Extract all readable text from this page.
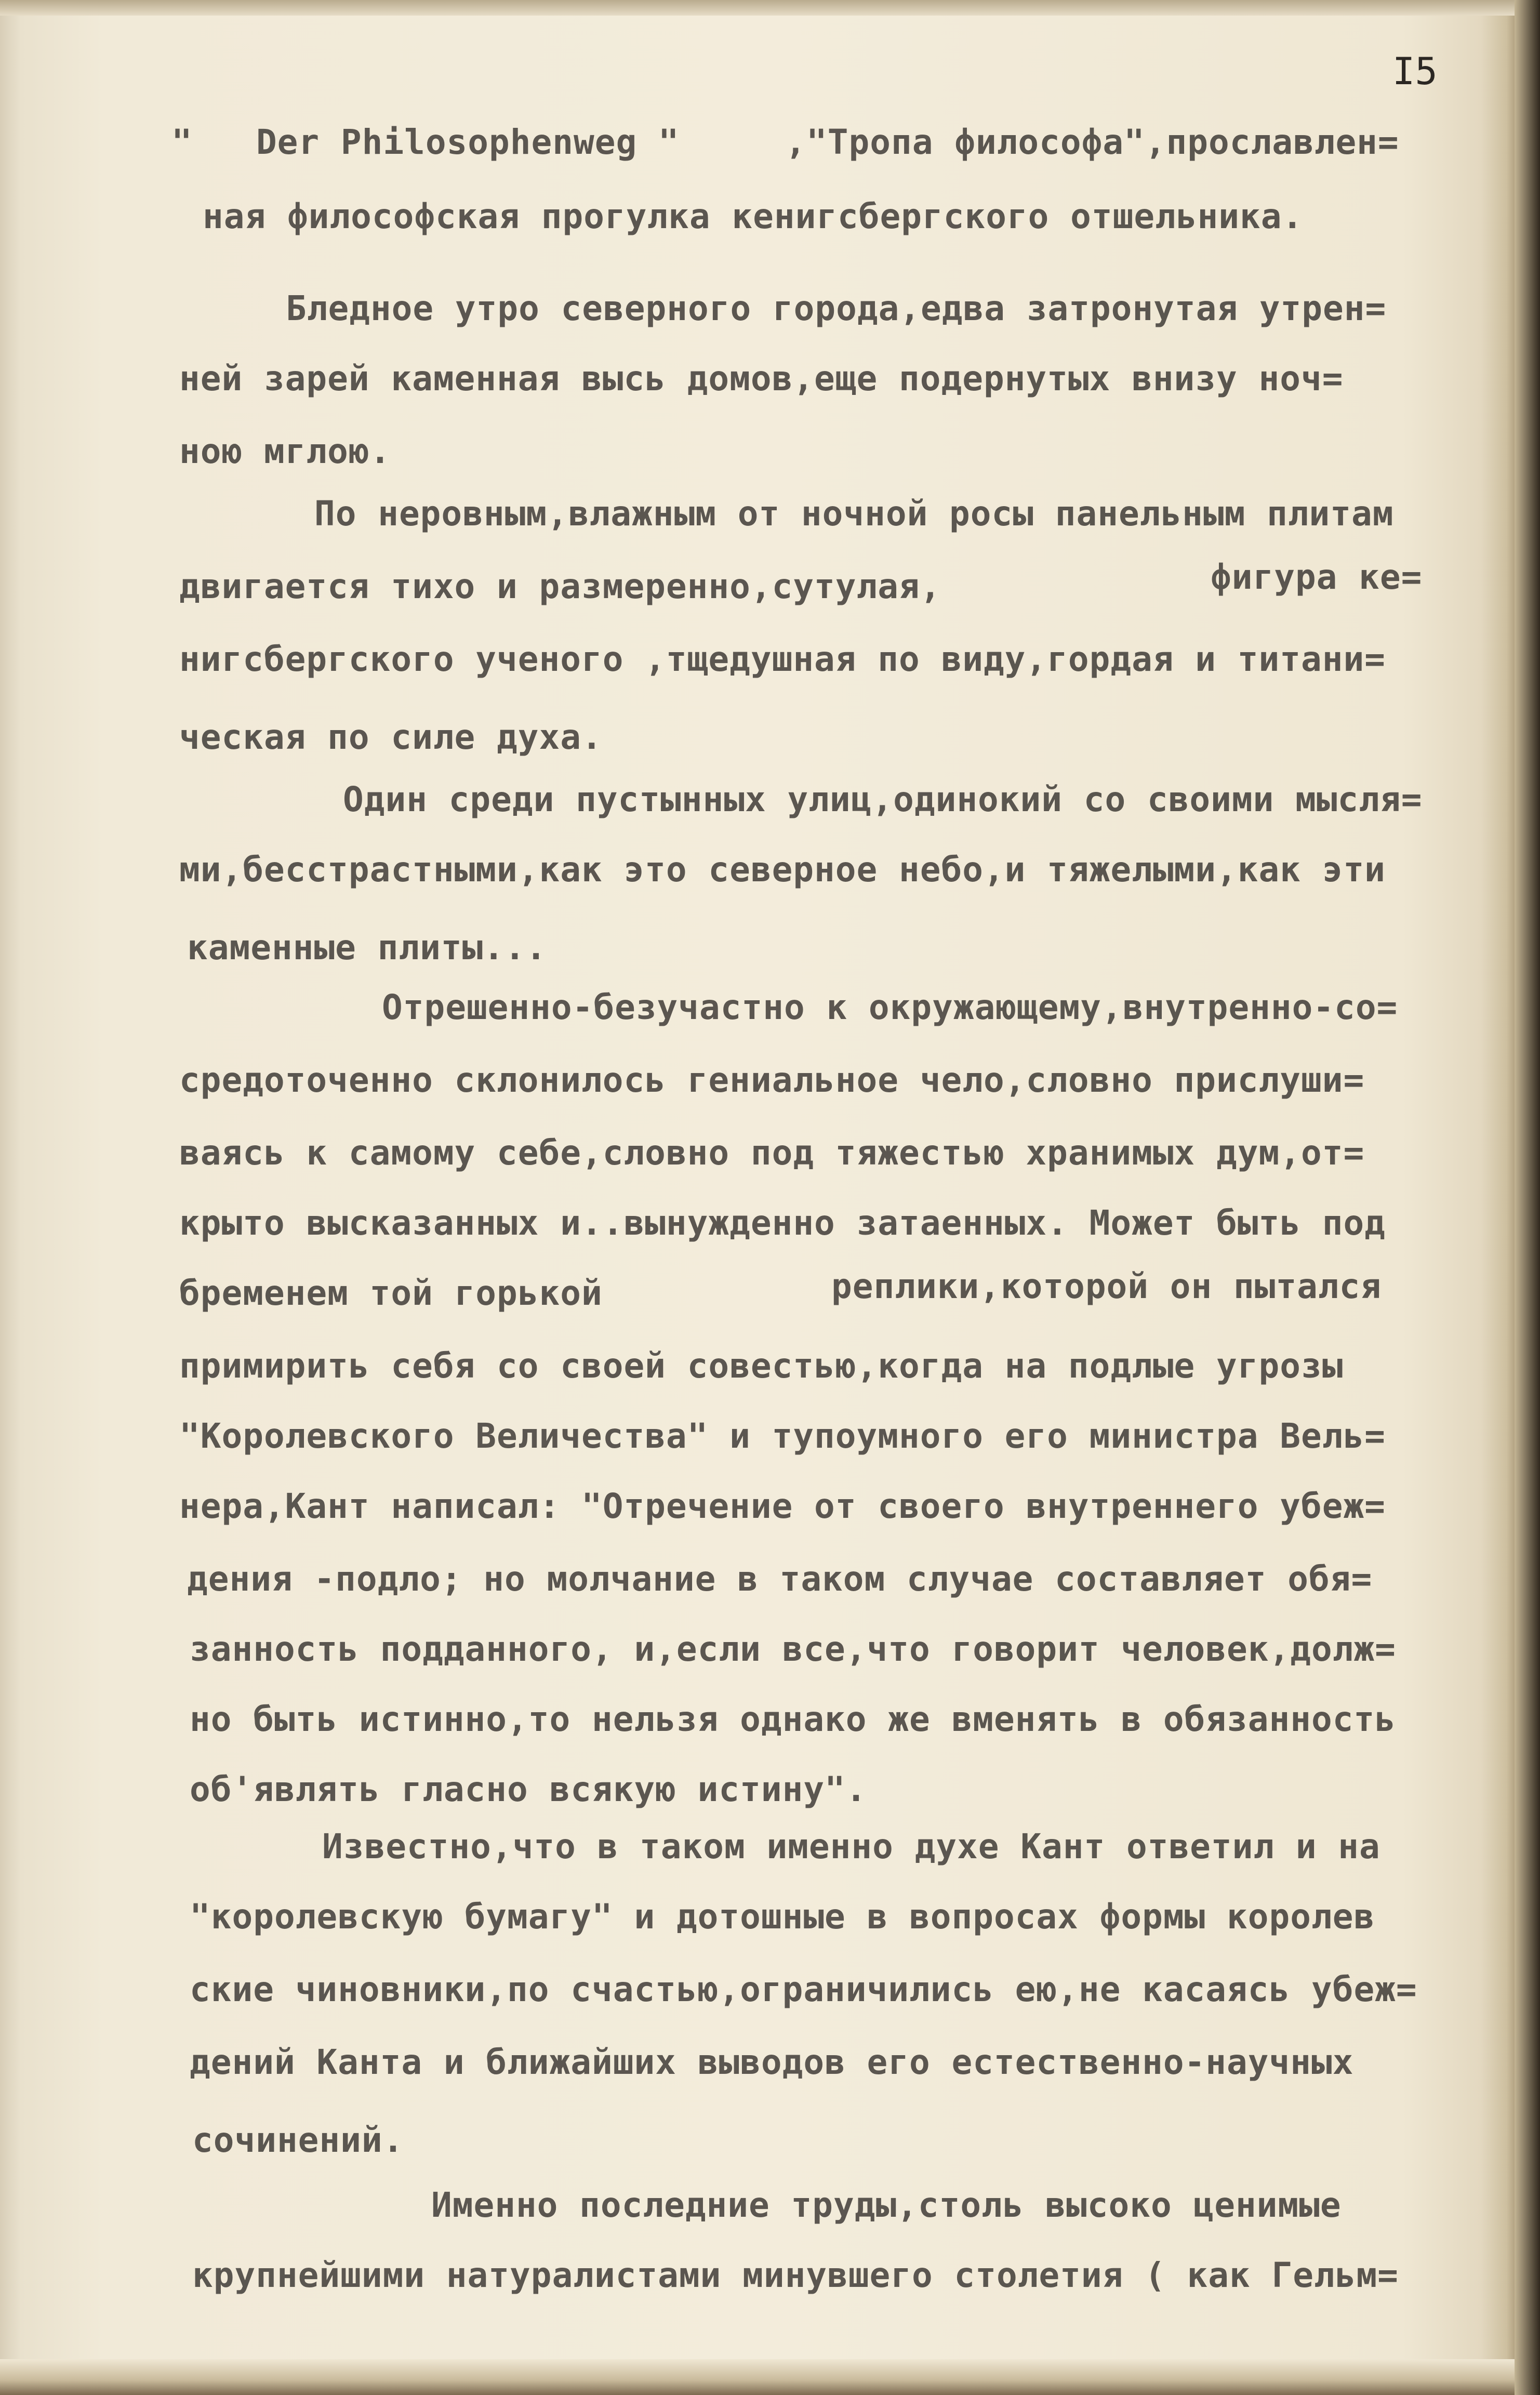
I5
"   Der Philosophenweg "     ,"Тропа философа",прославлен=
ная философская прогулка кенигсбергского отшельника.
Бледное утро северного города,едва затронутая утрен=
ней зарей каменная высь домов,еще подернутых внизу ноч=
ною мглою.
По неровным,влажным от ночной росы панельным плитам
двигается тихо и размеренно,сутулая,	фигура ке=
нигсбергского ученого ,тщедушная по виду,гордая и титани=
ческая по силе духа.
Один среди пустынных улиц,одинокий со своими мысля=
ми,бесстрастными,как это северное небо,и тяжелыми,как эти
каменные плиты...
Отрешенно-безучастно к окружающему,внутренно-со=
средоточенно склонилось гениальное чело,словно прислуши=
ваясь к самому себе,словно под тяжестью хранимых дум,от=
крыто высказанных и..вынужденно затаенных. Может быть под
бременем той горькой	реплики,которой он пытался
примирить себя со своей совестью,когда на подлые угрозы
"Королевского Величества" и тупоумного его министра Вель=
нера,Кант написал: "Отречение от своего внутреннего убеж=
дения -подло; но молчание в таком случае составляет обя=
занность подданного, и,если все,что говорит человек,долж=
но быть истинно,то нельзя однако же вменять в обязанность
об'являть гласно всякую истину".
Известно,что в таком именно духе Кант ответил и на
"королевскую бумагу" и дотошные в вопросах формы королев
ские чиновники,по счастью,ограничились ею,не касаясь убеж=
дений Канта и ближайших выводов его естественно-научных
сочинений.
Именно последние труды,столь высоко ценимые
крупнейшими натуралистами минувшего столетия ( как Гельм=
